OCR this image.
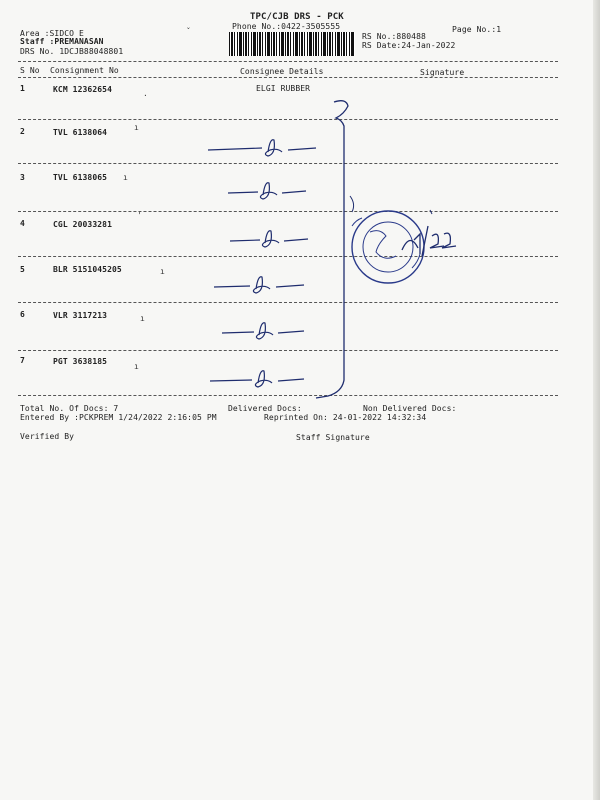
TPC/CJB DRS - PCK
Phone No.:0422-3505555	Page No.:1
Area :SIDCO E
Staff :PREMANASAN
DRS No. 1DCJB88048801
RS No.:880488
RS Date:24-Jan-2022
S No Consignment No	Consignee Details	Signature
1	KCM 12362654	ELGI RUBBER
2	TVL 6138064
3	TVL 6138065
4	CGL 20033281
5	BLR 5151045205
6	VLR 3117213
7	PGT 3638185
Total No. Of Docs: 7	Delivered Docs:	Non Delivered Docs:
Entered By :PCKPREM 1/24/2022 2:16:05 PM	Reprinted On: 24-01-2022 14:32:34
Verified By	Staff Signature
ˇ
.
ı
ı
'
ı
ı
ı
